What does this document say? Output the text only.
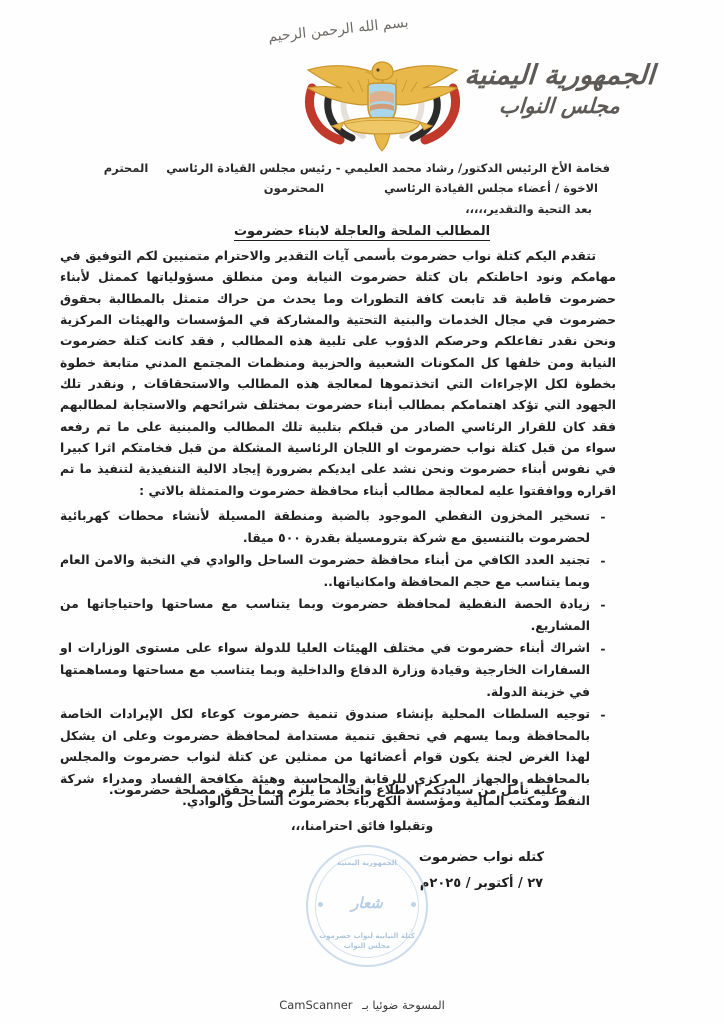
بسم الله الرحمن الرحيم
الجمهورية اليمنية
مجلس النواب
فخامة الأخ الرئيس الدكتور/ رشاد محمد العليمي - رئيس مجلس القيادة الرئاسي
المحترم
الاخوة / أعضاء مجلس القيادة الرئاسي
المحترمون
بعد التحية والتقدير،،،،،
المطالب الملحة والعاجلة لابناء حضرموت

تتقدم اليكم كتلة نواب حضرموت بأسمى آيات التقدير والاحترام متمنيين لكم التوفيق في مهامكم ونود احاطتكم بان كتلة حضرموت النيابة ومن منطلق مسؤولياتها كممثل لأبناء حضرموت قاطبة قد تابعت كافة التطورات وما يحدث من حراك متمثل بالمطالبة بحقوق حضرموت في مجال الخدمات والبنية التحتية والمشاركة في المؤسسات والهيئات المركزية ونحن نقدر تفاعلكم وحرصكم الدؤوب على تلبية هذه المطالب , فقد كانت كتلة حضرموت النيابة ومن خلفها كل المكونات الشعبية والحزبية ومنظمات المجتمع المدني متابعة خطوة بخطوة لكل الإجراءات التي اتخذتموها لمعالجة هذه المطالب والاستحقاقات , ونقدر تلك الجهود التي تؤكد اهتمامكم بمطالب أبناء حضرموت بمختلف شرائحهم والاستجابة لمطالبهم فقد كان للقرار الرئاسي الصادر من قبلكم بتلبية تلك المطالب والمبنية على ما تم رفعه سواء من قبل كتلة نواب حضرموت او اللجان الرئاسية المشكلة من قبل فخامتكم اثرا كبيرا في نفوس أبناء حضرموت ونحن نشد على ايديكم بضرورة إيجاد الالية التنفيذية لتنفيذ ما تم اقراره ووافقتوا عليه لمعالجة مطالب أبناء محافظة حضرموت والمتمثلة بالاتي :

-
تسخير المخزون النفطي الموجود بالضبة ومنطقة المسيلة لأنشاء محطات كهربائية لحضرموت بالتنسيق مع شركة بترومسيلة بقدرة ٥٠٠ ميقا.
-
تجنيد العدد الكافي من أبناء محافظة حضرموت الساحل والوادي في النخبة والامن العام وبما يتناسب مع حجم المحافظة وامكانياتها..
-
زيادة الحصة النفطية لمحافظة حضرموت وبما يتناسب مع مساحتها واحتياجاتها من المشاريع.
-
اشراك أبناء حضرموت في مختلف الهيئات العليا للدولة سواء على مستوى الوزارات او السفارات الخارجية وقيادة وزارة الدفاع والداخلية وبما يتناسب مع مساحتها ومساهمتها في خزينة الدولة.
-
توجيه السلطات المحلية بإنشاء صندوق تنمية حضرموت كوعاء لكل الإيرادات الخاصة بالمحافظة وبما يسهم في تحقيق تنمية مستدامة لمحافظة حضرموت وعلى ان يشكل لهذا الغرض لجنة يكون قوام أعضائها من ممثلين عن كتلة لنواب حضرموت والمجلس بالمحافظه والجهاز المركزي للرقابة والمحاسبة وهيئة مكافحة الفساد ومدراء شركة النفط ومكتب المالية ومؤسسة الكهرباء بحضرموت الساحل والوادي.
وعليه نأمل من سيادتكم الاطلاع واتخاذ ما يلزم وبما يحقق مصلحة حضرموت.
وتقبلوا فائق احترامنا،،،
كتله نواب حضرموت
٢٧ / أكتوبر / ٢٠٢٥م
الجمهورية اليمنية
شعار
كتلة النيابية لنواب حضرموت
مجلس النواب
المسوحة ضوئيا بـ CamScanner
